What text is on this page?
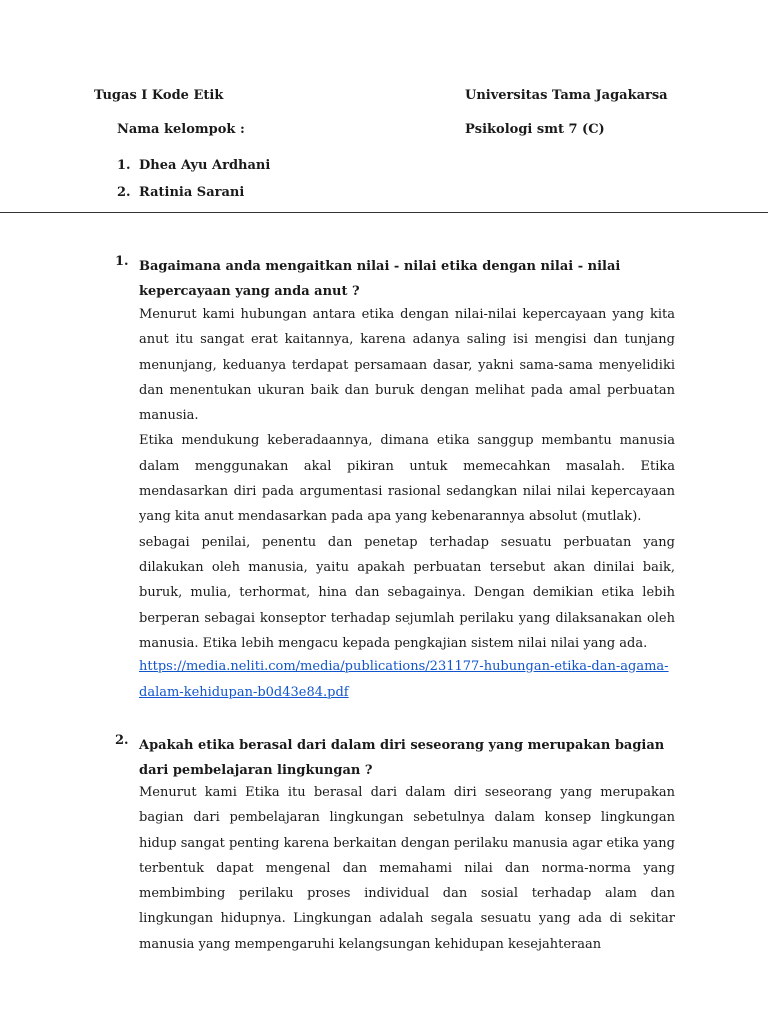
Tugas I Kode Etik	Universitas Tama Jagakarsa
Nama kelompok :	Psikologi smt 7 (C)
1. Dhea Ayu Ardhani
2. Ratinia Sarani
1. Bagaimana anda mengaitkan nilai - nilai etika dengan nilai - nilai kepercayaan yang anda anut ?

Menurut kami hubungan antara etika dengan nilai-nilai kepercayaan yang kita anut itu sangat erat kaitannya, karena adanya saling isi mengisi dan tunjang menunjang, keduanya terdapat persamaan dasar, yakni sama-sama menyelidiki dan menentukan ukuran baik dan buruk dengan melihat pada amal perbuatan manusia.

Etika mendukung keberadaannya, dimana etika sanggup membantu manusia dalam menggunakan akal pikiran untuk memecahkan masalah. Etika mendasarkan diri pada argumentasi rasional sedangkan nilai nilai kepercayaan yang kita anut mendasarkan pada apa yang kebenarannya absolut (mutlak).

sebagai penilai, penentu dan penetap terhadap sesuatu perbuatan yang dilakukan oleh manusia, yaitu apakah perbuatan tersebut akan dinilai baik, buruk, mulia, terhormat, hina dan sebagainya. Dengan demikian etika lebih berperan sebagai konseptor terhadap sejumlah perilaku yang dilaksanakan oleh manusia. Etika lebih mengacu kepada pengkajian sistem nilai nilai yang ada.

https://media.neliti.com/media/publications/231177-hubungan-etika-dan-agama-dalam-kehidupan-b0d43e84.pdf
2. Apakah etika berasal dari dalam diri seseorang yang merupakan bagian dari pembelajaran lingkungan ?

Menurut kami Etika itu berasal dari dalam diri seseorang yang merupakan bagian dari pembelajaran lingkungan sebetulnya dalam konsep lingkungan hidup sangat penting karena berkaitan dengan perilaku manusia agar etika yang terbentuk dapat mengenal dan memahami nilai dan norma-norma yang membimbing perilaku proses individual dan sosial terhadap alam dan lingkungan hidupnya. Lingkungan adalah segala sesuatu yang ada di sekitar manusia yang mempengaruhi kelangsungan kehidupan kesejahteraan
